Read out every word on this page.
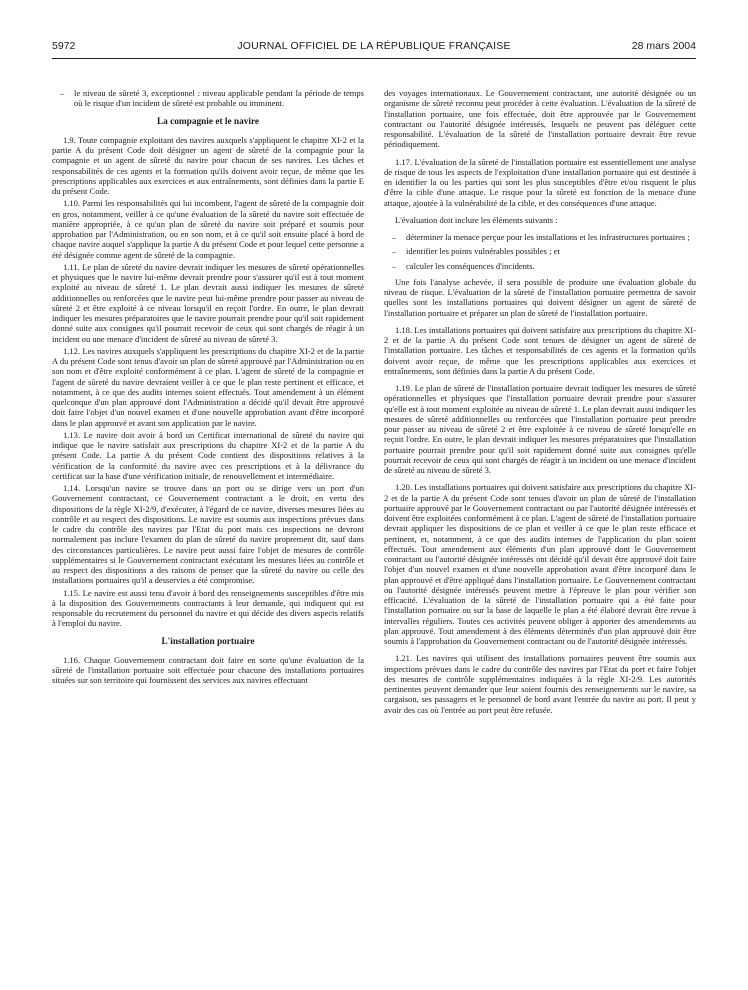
5972	JOURNAL OFFICIEL DE LA RÉPUBLIQUE FRANÇAISE	28 mars 2004
– le niveau de sûreté 3, exceptionnel : niveau applicable pendant la période de temps où le risque d'un incident de sûreté est probable ou imminent.
La compagnie et le navire

1.9. Toute compagnie exploitant des navires auxquels s'appliquent le chapitre XI-2 et la partie A du présent Code doit désigner un agent de sûreté de la compagnie pour la compagnie et un agent de sûreté du navire pour chacun de ses navires. Les tâches et responsabilités de ces agents et la formation qu'ils doivent avoir reçue, de même que les prescriptions applicables aux exercices et aux entraînements, sont définies dans la partie E du présent Code.

1.10. Parmi les responsabilités qui lui incombent, l'agent de sûreté de la compagnie doit en gros, notamment, veiller à ce qu'une évaluation de la sûreté du navire soit effectuée de manière appropriée, à ce qu'un plan de sûreté du navire soit préparé et soumis pour approbation par l'Administration, ou en son nom, et à ce qu'il soit ensuite placé à bord de chaque navire auquel s'applique la partie A du présent Code et pour lequel cette personne a été désignée comme agent de sûreté de la compagnie.

1.11. Le plan de sûreté du navire devrait indiquer les mesures de sûreté opérationnelles et physiques que le navire lui-même devrait prendre pour s'assurer qu'il est à tout moment exploité au niveau de sûreté 1. Le plan devrait aussi indiquer les mesures de sûreté additionnelles ou renforcées que le navire peut lui-même prendre pour passer au niveau de sûreté 2 et être exploité à ce niveau lorsqu'il en reçoit l'ordre. En outre, le plan devrait indiquer les mesures préparatoires que le navire pourrait prendre pour qu'il soit rapidement donné suite aux consignes qu'il pourrait recevoir de ceux qui sont chargés de réagir à un incident ou une menace d'incident de sûreté au niveau de sûreté 3.

1.12. Les navires auxquels s'appliquent les prescriptions du chapitre XI-2 et de la partie A du présent Code sont tenus d'avoir un plan de sûreté approuvé par l'Administration ou en son nom et d'être exploité conformément à ce plan. L'agent de sûreté de la compagnie et l'agent de sûreté du navire devraient veiller à ce que le plan reste pertinent et efficace, et notamment, à ce que des audits internes soient effectués. Tout amendement à un élément quelconque d'un plan approuvé dont l'Administration a décidé qu'il devait être approuvé doit faire l'objet d'un nouvel examen et d'une nouvelle approbation avant d'être incorporé dans le plan approuvé et avant son application par le navire.

1.13. Le navire doit avoir à bord un Certificat international de sûreté du navire qui indique que le navire satisfait aux prescriptions du chapitre XI-2 et de la partie A du présent Code. La partie A du présent Code contient des dispositions relatives à la vérification de la conformité du navire avec ces prescriptions et à la délivrance du certificat sur la base d'une vérification initiale, de renouvellement et intermédiaire.

1.14. Lorsqu'un navire se trouve dans un port ou se dirige vers un port d'un Gouvernement contractant, ce Gouvernement contractant a le droit, en vertu des dispositions de la règle XI-2/9, d'exécuter, à l'égard de ce navire, diverses mesures liées au contrôle et au respect des dispositions. Le navire est soumis aux inspections prévues dans le cadre du contrôle des navires par l'Etat du port mais ces inspections ne devront normalement pas inclure l'examen du plan de sûreté du navire proprement dit, sauf dans des circonstances particulières. Le navire peut aussi faire l'objet de mesures de contrôle supplémentaires si le Gouvernement contractant exécutant les mesures liées au contrôle et au respect des dispositions a des raisons de penser que la sûreté du navire ou celle des installations portuaires qu'il a desservies a été compromise.

1.15. Le navire est aussi tenu d'avoir à bord des renseignements susceptibles d'être mis à la disposition des Gouvernements contractants à leur demande, qui indiquent qui est responsable du recrutement du personnel du navire et qui décide des divers aspects relatifs à l'emploi du navire.

L'installation portuaire

1.16. Chaque Gouvernement contractant doit faire en sorte qu'une évaluation de la sûreté de l'installation portuaire soit effectuée pour chacune des installations portuaires situées sur son territoire qui fournissent des services aux navires effectuant

des voyages internationaux. Le Gouvernement contractant, une autorité désignée ou un organisme de sûreté reconnu peut procéder à cette évaluation. L'évaluation de la sûreté de l'installation portuaire, une fois effectuée, doit être approuvée par le Gouvernement contractant ou l'autorité désignée intéressés, lesquels ne peuvent pas déléguer cette responsabilité. L'évaluation de la sûreté de l'installation portuaire devrait être revue périodiquement.

1.17. L'évaluation de la sûreté de l'installation portuaire est essentiellement une analyse de risque de tous les aspects de l'exploitation d'une installation portuaire qui est destinée à en identifier la ou les parties qui sont les plus susceptibles d'être et/ou risquent le plus d'être la cible d'une attaque. Le risque pour la sûreté est fonction de la menace d'une attaque, ajoutée à la vulnérabilité de la cible, et des conséquences d'une attaque.

L'évaluation doit inclure les éléments suivants :

– déterminer la menace perçue pour les installations et les infrastructures portuaires ;
– identifier les points vulnérables possibles ; et
– calculer les conséquences d'incidents.

Une fois l'analyse achevée, il sera possible de produire une évaluation globale du niveau de risque. L'évaluation de la sûreté de l'installation portuaire permettra de savoir quelles sont les installations portuaires qui doivent désigner un agent de sûreté de l'installation portuaire et préparer un plan de sûreté de l'installation portuaire.

1.18. Les installations portuaires qui doivent satisfaire aux prescriptions du chapitre XI-2 et de la partie A du présent Code sont tenues de désigner un agent de sûreté de l'installation portuaire. Les tâches et responsabilités de ces agents et la formation qu'ils doivent avoir reçue, de même que les prescriptions applicables aux exercices et entraînements, sont définies dans la partie A du présent Code.

1.19. Le plan de sûreté de l'installation portuaire devrait indiquer les mesures de sûreté opérationnelles et physiques que l'installation portuaire devrait prendre pour s'assurer qu'elle est à tout moment exploitée au niveau de sûreté 1. Le plan devrait aussi indiquer les mesures de sûreté additionnelles ou renforcées que l'installation portuaire peut prendre pour passer au niveau de sûreté 2 et être exploitée à ce niveau de sûreté lorsqu'elle en reçoit l'ordre. En outre, le plan devrait indiquer les mesures préparatoires que l'installation portuaire pourrait prendre pour qu'il soit rapidement donné suite aux consignes qu'elle pourrait recevoir de ceux qui sont chargés de réagir à un incident ou une menace d'incident de sûreté au niveau de sûreté 3.

1.20. Les installations portuaires qui doivent satisfaire aux prescriptions du chapitre XI-2 et de la partie A du présent Code sont tenues d'avoir un plan de sûreté de l'installation portuaire approuvé par le Gouvernement contractant ou par l'autorité désignée intéressés et doivent être exploitées conformément à ce plan. L'agent de sûreté de l'installation portuaire devrait appliquer les dispositions de ce plan et veiller à ce que le plan reste efficace et pertinent, et, notamment, à ce que des audits internes de l'application du plan soient effectués. Tout amendement aux éléments d'un plan approuvé dont le Gouvernement contractant ou l'autorité désignée intéressés ont décidé qu'il devait être approuvé doit faire l'objet d'un nouvel examen et d'une nouvelle approbation avant d'être incorporé dans le plan approuvé et d'être appliqué dans l'installation portuaire. Le Gouvernement contractant ou l'autorité désignée intéressés peuvent mettre à l'épreuve le plan pour vérifier son efficacité. L'évaluation de la sûreté de l'installation portuaire qui a été faite pour l'installation portuaire ou sur la base de laquelle le plan a été élaboré devrait être revue à intervalles réguliers. Toutes ces activités peuvent obliger à apporter des amendements au plan approuvé. Tout amendement à des éléments déterminés d'un plan approuvé doit être soumis à l'approbation du Gouvernement contractant ou de l'autorité désignée intéressés.

1.21. Les navires qui utilisent des installations portuaires peuvent être soumis aux inspections prévues dans le cadre du contrôle des navires par l'Etat du port et faire l'objet des mesures de contrôle supplémentaires indiquées à la règle XI-2/9. Les autorités pertinentes peuvent demander que leur soient fournis des renseignements sur le navire, sa cargaison, ses passagers et le personnel de bord avant l'entrée du navire au port. Il peut y avoir des cas où l'entrée au port peut être refusée.
